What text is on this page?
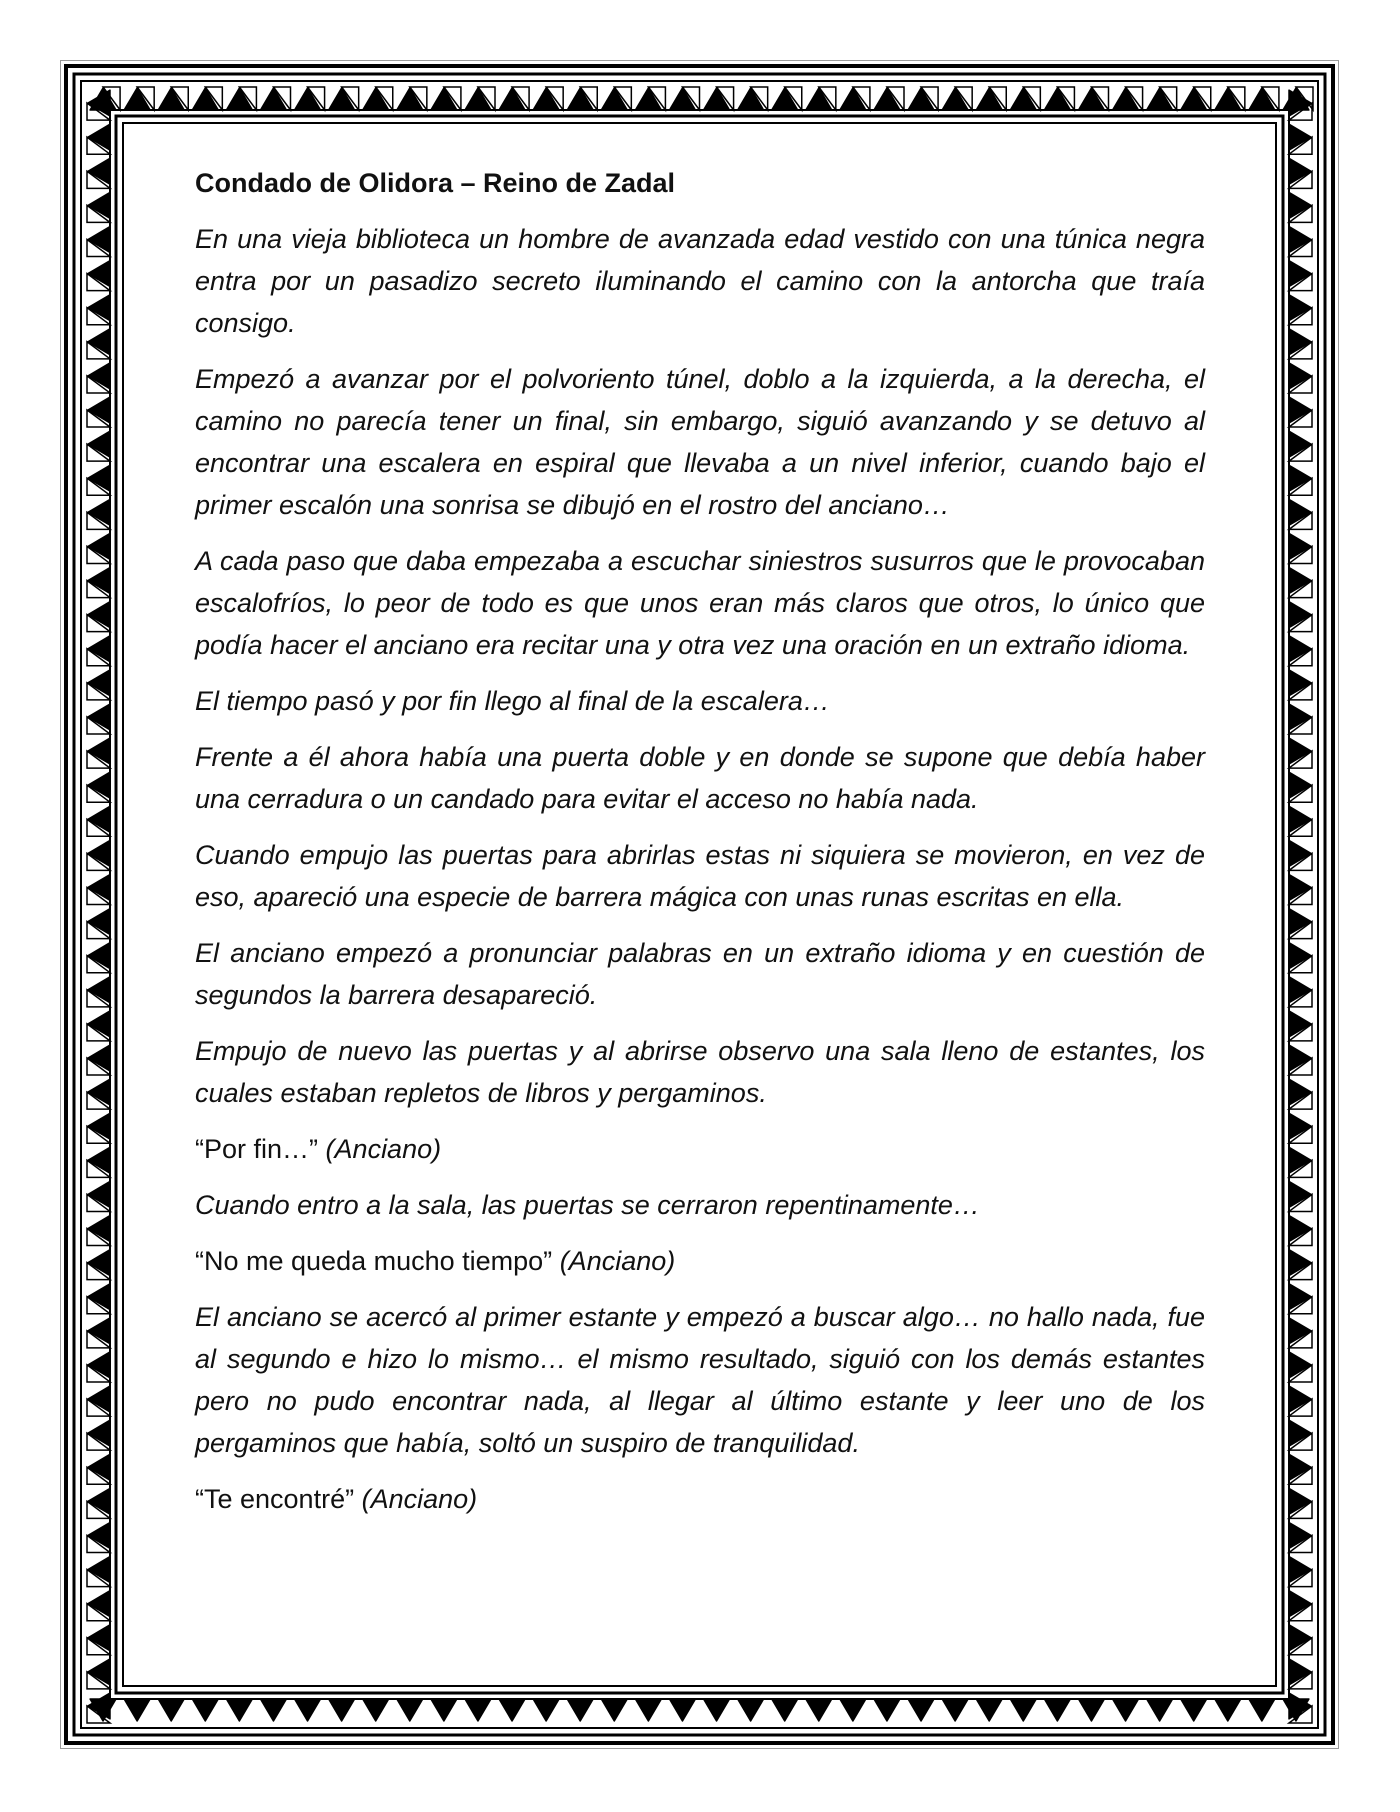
Condado de Olidora – Reino de Zadal

En una vieja biblioteca un hombre de avanzada edad vestido con una túnica negra entra por un pasadizo secreto iluminando el camino con la antorcha que traía consigo.

Empezó a avanzar por el polvoriento túnel, doblo a la izquierda, a la derecha, el camino no parecía tener un final, sin embargo, siguió avanzando y se detuvo al encontrar una escalera en espiral que llevaba a un nivel inferior, cuando bajo el primer escalón una sonrisa se dibujó en el rostro del anciano…

A cada paso que daba empezaba a escuchar siniestros susurros que le provocaban escalofríos, lo peor de todo es que unos eran más claros que otros, lo único que podía hacer el anciano era recitar una y otra vez una oración en un extraño idioma.

El tiempo pasó y por fin llego al final de la escalera…

Frente a él ahora había una puerta doble y en donde se supone que debía haber una cerradura o un candado para evitar el acceso no había nada.

Cuando empujo las puertas para abrirlas estas ni siquiera se movieron, en vez de eso, apareció una especie de barrera mágica con unas runas escritas en ella.

El anciano empezó a pronunciar palabras en un extraño idioma y en cuestión de segundos la barrera desapareció.

Empujo de nuevo las puertas y al abrirse observo una sala lleno de estantes, los cuales estaban repletos de libros y pergaminos.

“Por fin…” (Anciano)

Cuando entro a la sala, las puertas se cerraron repentinamente…

“No me queda mucho tiempo” (Anciano)

El anciano se acercó al primer estante y empezó a buscar algo… no hallo nada, fue al segundo e hizo lo mismo… el mismo resultado, siguió con los demás estantes pero no pudo encontrar nada, al llegar al último estante y leer uno de los pergaminos que había, soltó un suspiro de tranquilidad.

“Te encontré” (Anciano)
